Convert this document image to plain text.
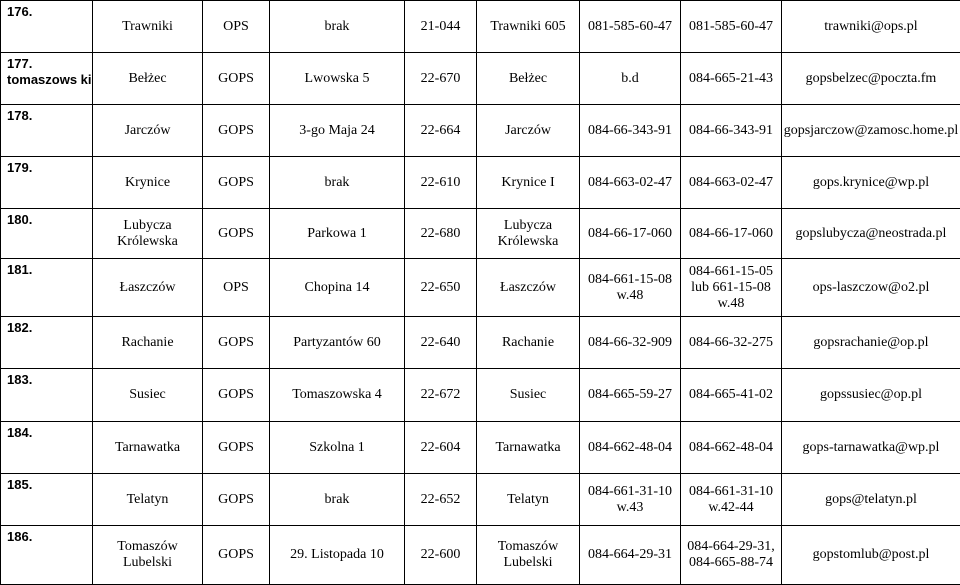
176.	Trawniki	OPS	brak	21-044	Trawniki 605	081-585-60-47	081-585-60-47	trawniki@ops.pl
177. tomaszows ki	Bełżec	GOPS	Lwowska 5	22-670	Bełżec	b.d	084-665-21-43	gopsbelzec@poczta.fm
178.	Jarczów	GOPS	3-go Maja 24	22-664	Jarczów	084-66-343-91	084-66-343-91	gopsjarczow@zamosc.home.pl
179.	Krynice	GOPS	brak	22-610	Krynice I	084-663-02-47	084-663-02-47	gops.krynice@wp.pl
180.	Lubycza Królewska	GOPS	Parkowa 1	22-680	Lubycza Królewska	084-66-17-060	084-66-17-060	gopslubycza@neostrada.pl
181.	Łaszczów	OPS	Chopina 14	22-650	Łaszczów	084-661-15-08 w.48	084-661-15-05 lub 661-15-08 w.48	ops-laszczow@o2.pl
182.	Rachanie	GOPS	Partyzantów 60	22-640	Rachanie	084-66-32-909	084-66-32-275	gopsrachanie@op.pl
183.	Susiec	GOPS	Tomaszowska 4	22-672	Susiec	084-665-59-27	084-665-41-02	gopssusiec@op.pl
184.	Tarnawatka	GOPS	Szkolna 1	22-604	Tarnawatka	084-662-48-04	084-662-48-04	gops-tarnawatka@wp.pl
185.	Telatyn	GOPS	brak	22-652	Telatyn	084-661-31-10 w.43	084-661-31-10 w.42-44	gops@telatyn.pl
186.	Tomaszów Lubelski	GOPS	29. Listopada 10	22-600	Tomaszów Lubelski	084-664-29-31	084-664-29-31, 084-665-88-74	gopstomlub@post.pl
